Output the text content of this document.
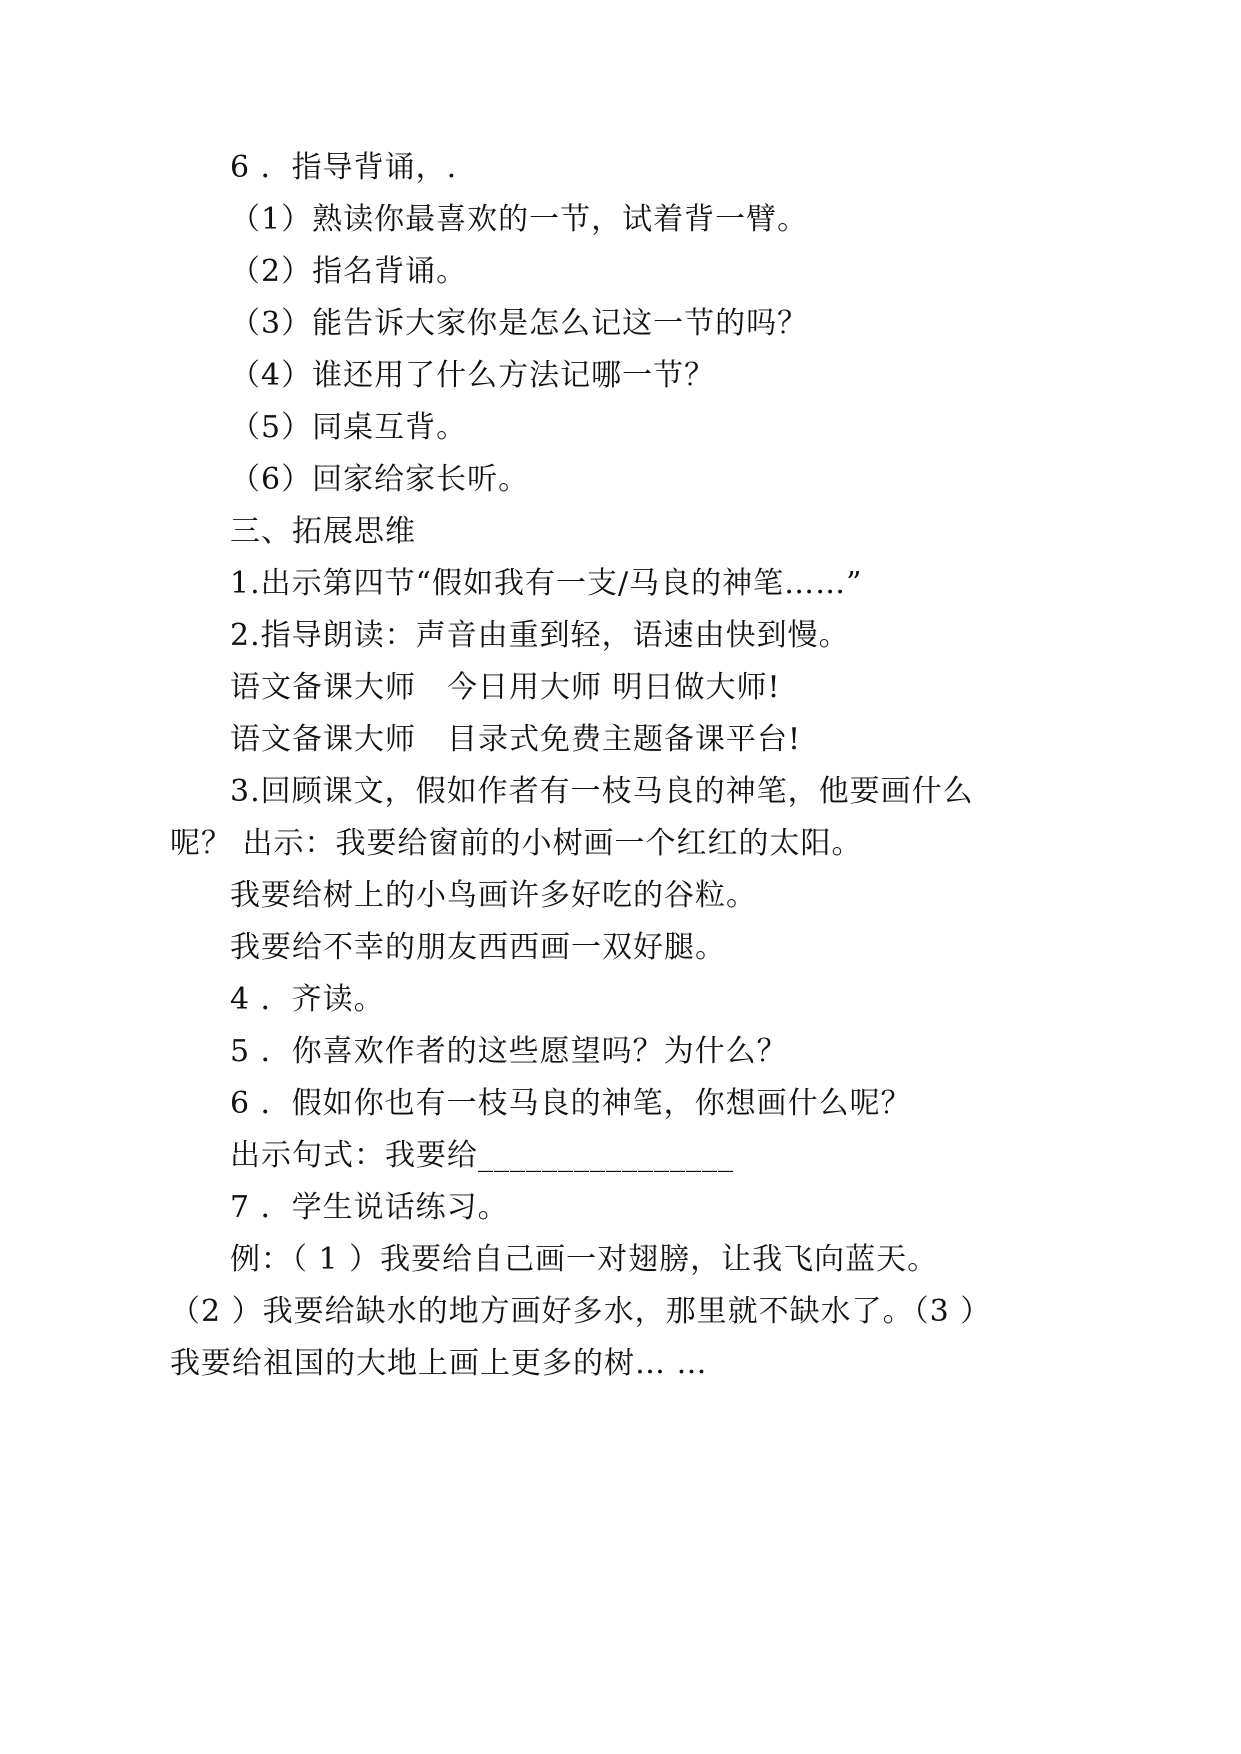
6 ．指导背诵，.

（1）熟读你最喜欢的一节，试着背一臂。

（2）指名背诵。

（3）能告诉大家你是怎么记这一节的吗？

（4）谁还用了什么方法记哪一节？

（5）同桌互背。

（6）回家给家长听。

三、拓展思维

1.出示第四节“假如我有一支/马良的神笔……”

2.指导朗读：声音由重到轻，语速由快到慢。

语文备课大师　今日用大师 明日做大师!

语文备课大师　目录式免费主题备课平台!

3.回顾课文，假如作者有一枝马良的神笔，他要画什么

呢？ 出示：我要给窗前的小树画一个红红的太阳。

我要给树上的小鸟画许多好吃的谷粒。

我要给不幸的朋友西西画一双好腿。

4 ．齐读。

5 ．你喜欢作者的这些愿望吗？为什么？

6 ．假如你也有一枝马良的神笔，你想画什么呢？

出示句式：我要给________________

7 ．学生说话练习。

例：（ 1 ）我要给自己画一对翅膀，让我飞向蓝天。

（2 ）我要给缺水的地方画好多水，那里就不缺水了。（3 ）

我要给祖国的大地上画上更多的树… …
